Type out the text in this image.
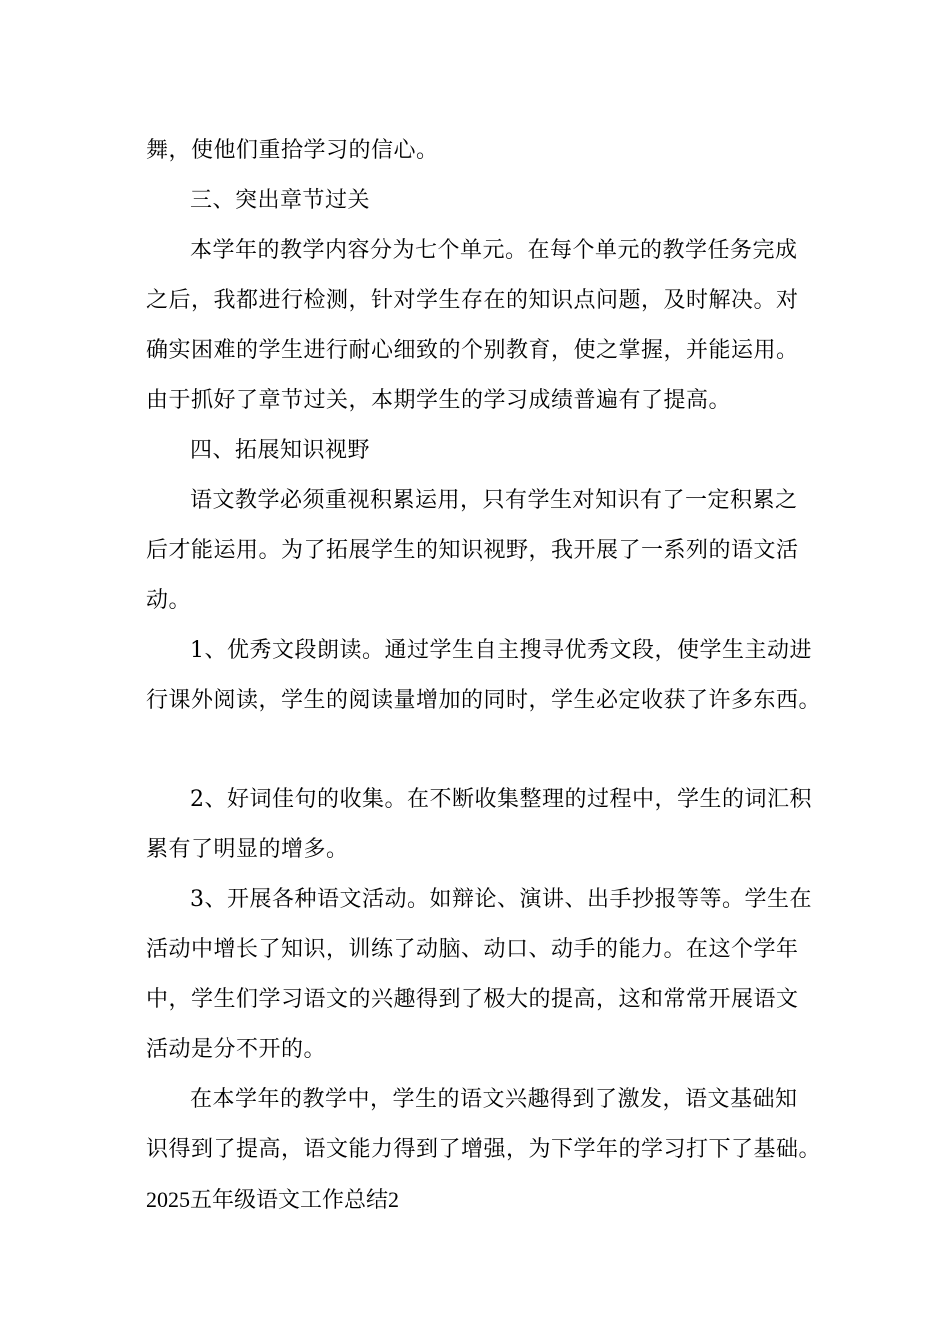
舞，使他们重拾学习的信心。
三、突出章节过关
本学年的教学内容分为七个单元。在每个单元的教学任务完成
之后，我都进行检测，针对学生存在的知识点问题，及时解决。对
确实困难的学生进行耐心细致的个别教育，使之掌握，并能运用。
由于抓好了章节过关，本期学生的学习成绩普遍有了提高。
四、拓展知识视野
语文教学必须重视积累运用，只有学生对知识有了一定积累之
后才能运用。为了拓展学生的知识视野，我开展了一系列的语文活
动。
1、优秀文段朗读。通过学生自主搜寻优秀文段，使学生主动进
行课外阅读，学生的阅读量增加的同时，学生必定收获了许多东西。
2、好词佳句的收集。在不断收集整理的过程中，学生的词汇积
累有了明显的增多。
3、开展各种语文活动。如辩论、演讲、出手抄报等等。学生在
活动中增长了知识，训练了动脑、动口、动手的能力。在这个学年
中，学生们学习语文的兴趣得到了极大的提高，这和常常开展语文
活动是分不开的。
在本学年的教学中，学生的语文兴趣得到了激发，语文基础知
识得到了提高，语文能力得到了增强，为下学年的学习打下了基础。
2025五年级语文工作总结2
